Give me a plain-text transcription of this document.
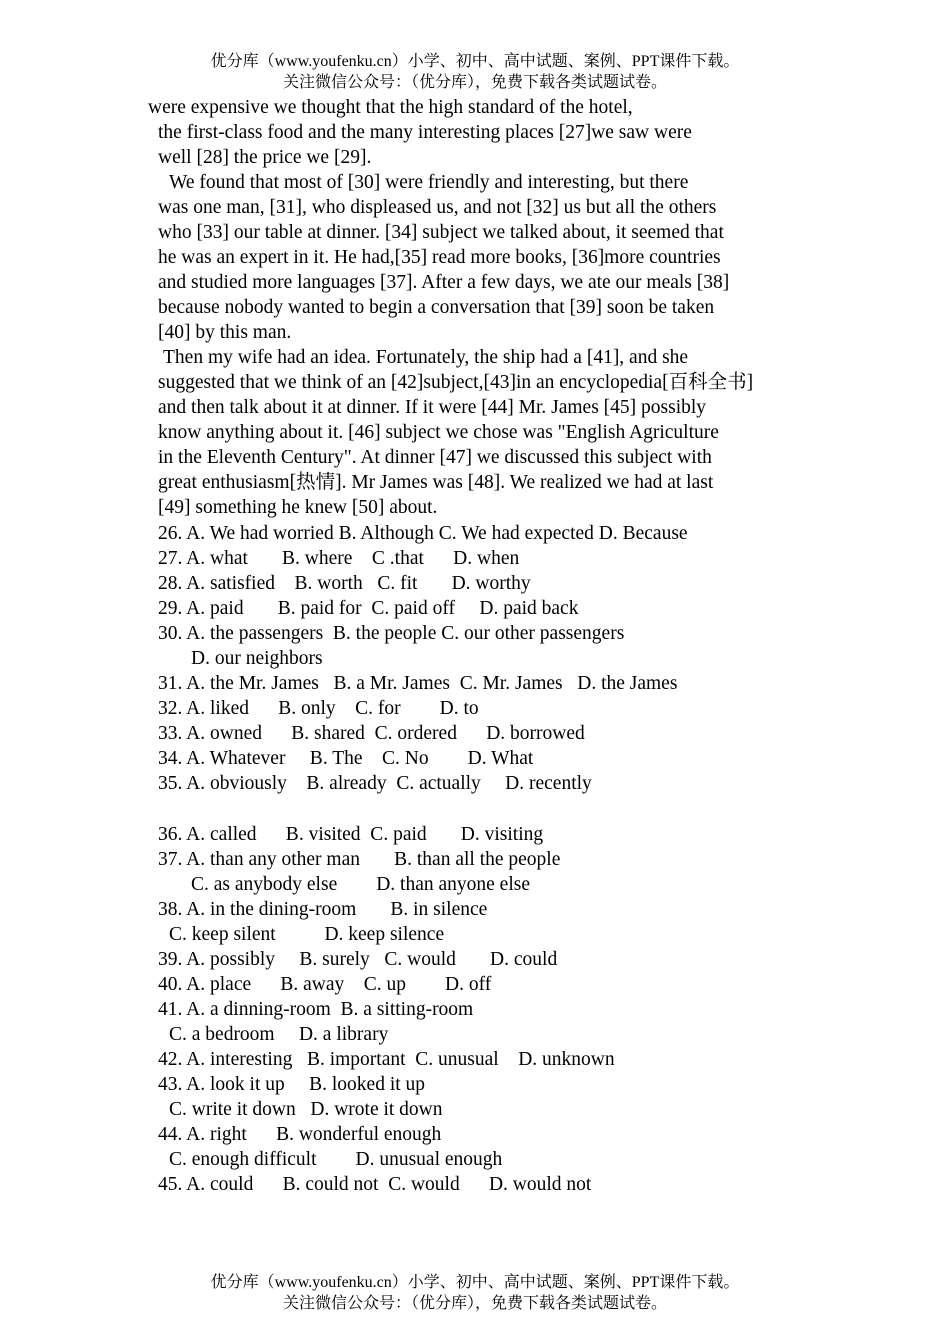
优分库（www.youfenku.cn）小学、初中、高中试题、案例、PPT课件下载。
关注微信公众号：（优分库），免费下载各类试题试卷。
were expensive we thought that the high standard of the hotel,
the first-class food and the many interesting places [27]we saw were
well [28] the price we [29].
We found that most of [30] were friendly and interesting, but there
was one man, [31], who displeased us, and not [32] us but all the others
who [33] our table at dinner. [34] subject we talked about, it seemed that
he was an expert in it. He had,[35] read more books, [36]more countries
and studied more languages [37]. After a few days, we ate our meals [38]
because nobody wanted to begin a conversation that [39] soon be taken
[40] by this man.
Then my wife had an idea. Fortunately, the ship had a [41], and she
suggested that we think of an [42]subject,[43]in an encyclopedia[百科全书]
and then talk about it at dinner. If it were [44] Mr. James [45] possibly
know anything about it. [46] subject we chose was "English Agriculture
in the Eleventh Century". At dinner [47] we discussed this subject with
great enthusiasm[热情]. Mr James was [48]. We realized we had at last
[49] something he knew [50] about.
26. A. We had worried B. Although C. We had expected D. Because
27. A. what       B. where    C .that      D. when
28. A. satisfied    B. worth   C. fit       D. worthy
29. A. paid       B. paid for  C. paid off     D. paid back
30. A. the passengers  B. the people C. our other passengers
D. our neighbors
31. A. the Mr. James   B. a Mr. James  C. Mr. James   D. the James
32. A. liked      B. only    C. for        D. to
33. A. owned      B. shared  C. ordered      D. borrowed
34. A. Whatever     B. The    C. No        D. What
35. A. obviously    B. already  C. actually     D. recently
36. A. called      B. visited  C. paid       D. visiting
37. A. than any other man       B. than all the people
C. as anybody else        D. than anyone else
38. A. in the dining-room       B. in silence
C. keep silent          D. keep silence
39. A. possibly     B. surely   C. would       D. could
40. A. place      B. away    C. up        D. off
41. A. a dinning-room  B. a sitting-room
C. a bedroom     D. a library
42. A. interesting   B. important  C. unusual    D. unknown
43. A. look it up     B. looked it up
C. write it down   D. wrote it down
44. A. right      B. wonderful enough
C. enough difficult        D. unusual enough
45. A. could      B. could not  C. would      D. would not
优分库（www.youfenku.cn）小学、初中、高中试题、案例、PPT课件下载。
关注微信公众号：（优分库），免费下载各类试题试卷。
